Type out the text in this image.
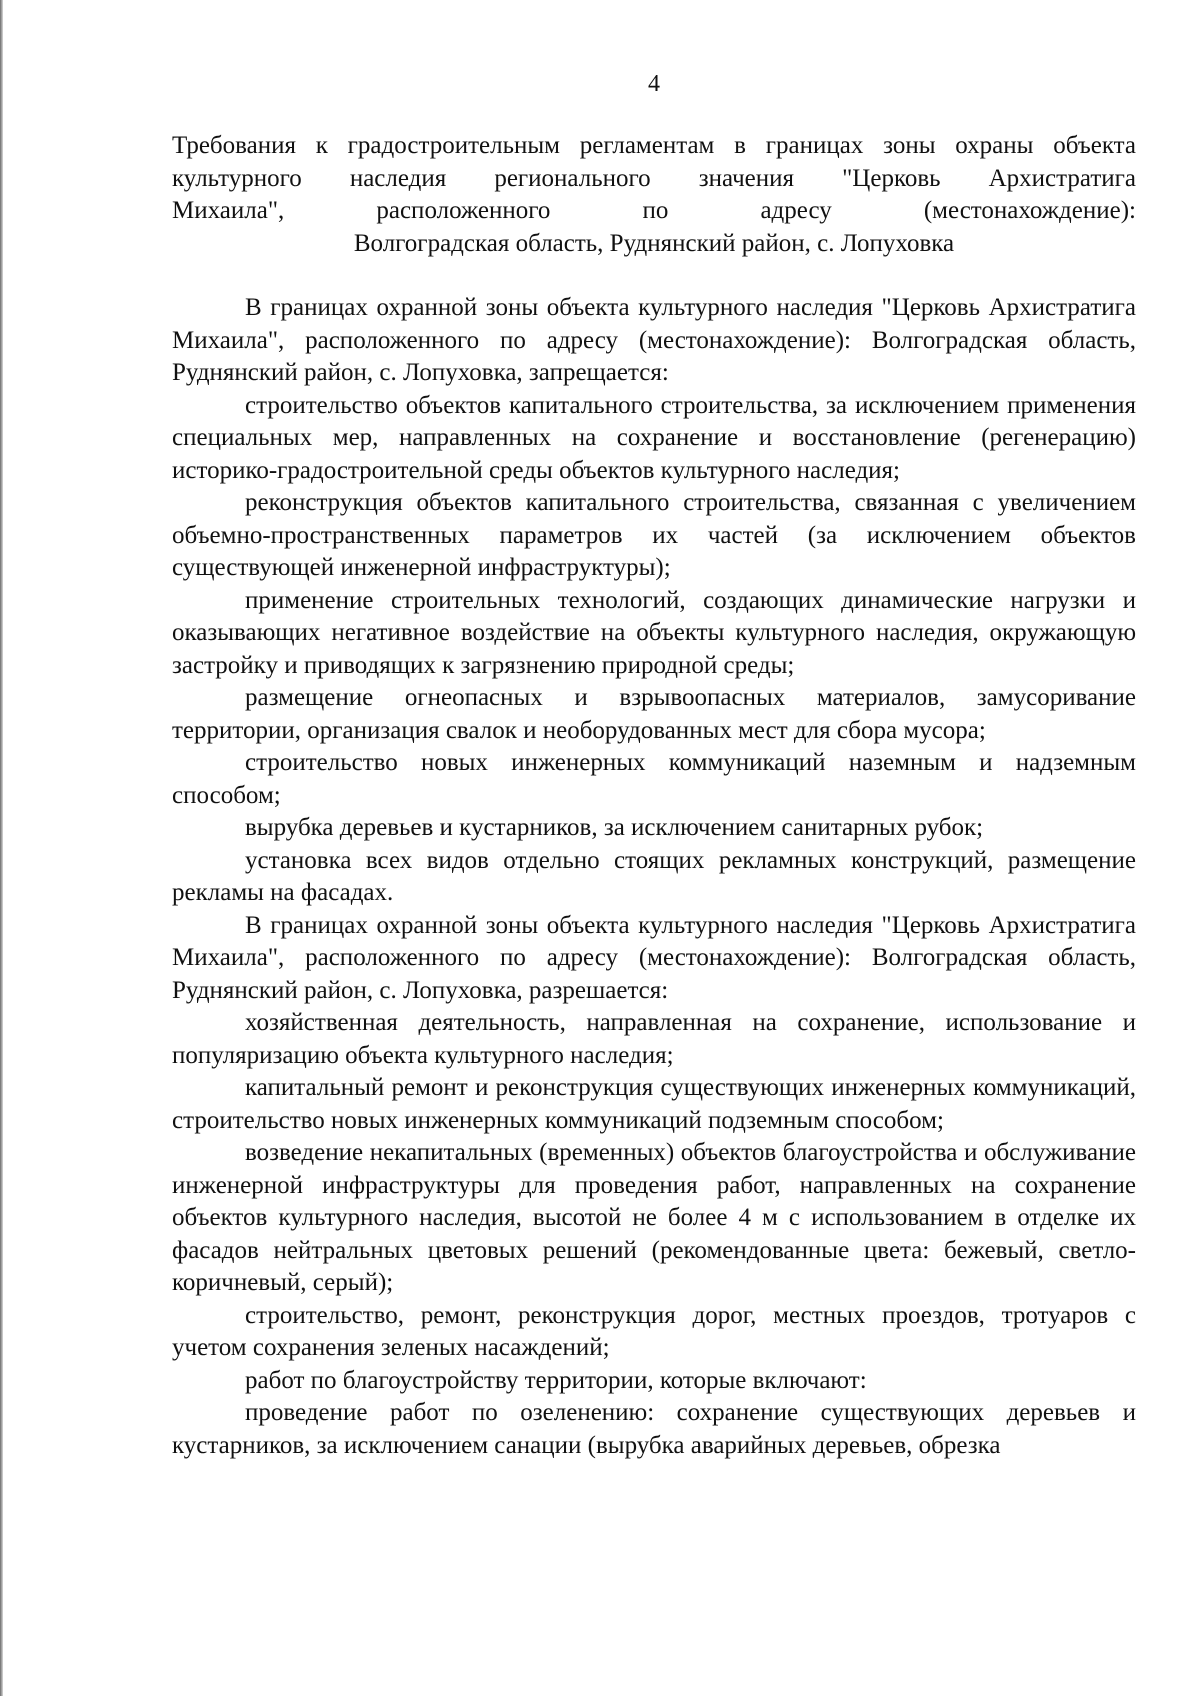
4

Требования к градостроительным регламентам в границах зоны охраны объекта

культурного наследия регионального значения "Церковь Архистратига

Михаила", расположенного по адресу (местонахождение):

Волгоградская область, Руднянский район, с. Лопуховка

В границах охранной зоны объекта культурного наследия "Церковь Архистратига Михаила", расположенного по адресу (местонахождение): Волгоградская область, Руднянский район, с. Лопуховка, запрещается:

строительство объектов капитального строительства, за исключением применения специальных мер, направленных на сохранение и восстановление (регенерацию) историко-градостроительной среды объектов культурного наследия;

реконструкция объектов капитального строительства, связанная с увеличением объемно-пространственных параметров их частей (за исключением объектов существующей инженерной инфраструктуры);

применение строительных технологий, создающих динамические нагрузки и оказывающих негативное воздействие на объекты культурного наследия, окружающую застройку и приводящих к загрязнению природной среды;

размещение огнеопасных и взрывоопасных материалов, замусоривание территории, организация свалок и необорудованных мест для сбора мусора;

строительство новых инженерных коммуникаций наземным и надземным способом;

вырубка деревьев и кустарников, за исключением санитарных рубок;

установка всех видов отдельно стоящих рекламных конструкций, размещение рекламы на фасадах.

В границах охранной зоны объекта культурного наследия "Церковь Архистратига Михаила", расположенного по адресу (местонахождение): Волгоградская область, Руднянский район, с. Лопуховка, разрешается:

хозяйственная деятельность, направленная на сохранение, использование и популяризацию объекта культурного наследия;

капитальный ремонт и реконструкция существующих инженерных коммуникаций, строительство новых инженерных коммуникаций подземным способом;

возведение некапитальных (временных) объектов благоустройства и обслуживание инженерной инфраструктуры для проведения работ, направленных на сохранение объектов культурного наследия, высотой не более 4 м с использованием в отделке их фасадов нейтральных цветовых решений (рекомендованные цвета: бежевый, светло-коричневый, серый);

строительство, ремонт, реконструкция дорог, местных проездов, тротуаров с учетом сохранения зеленых насаждений;

работ по благоустройству территории, которые включают:

проведение работ по озеленению: сохранение существующих деревьев и кустарников, за исключением санации (вырубка аварийных деревьев, обрезка
